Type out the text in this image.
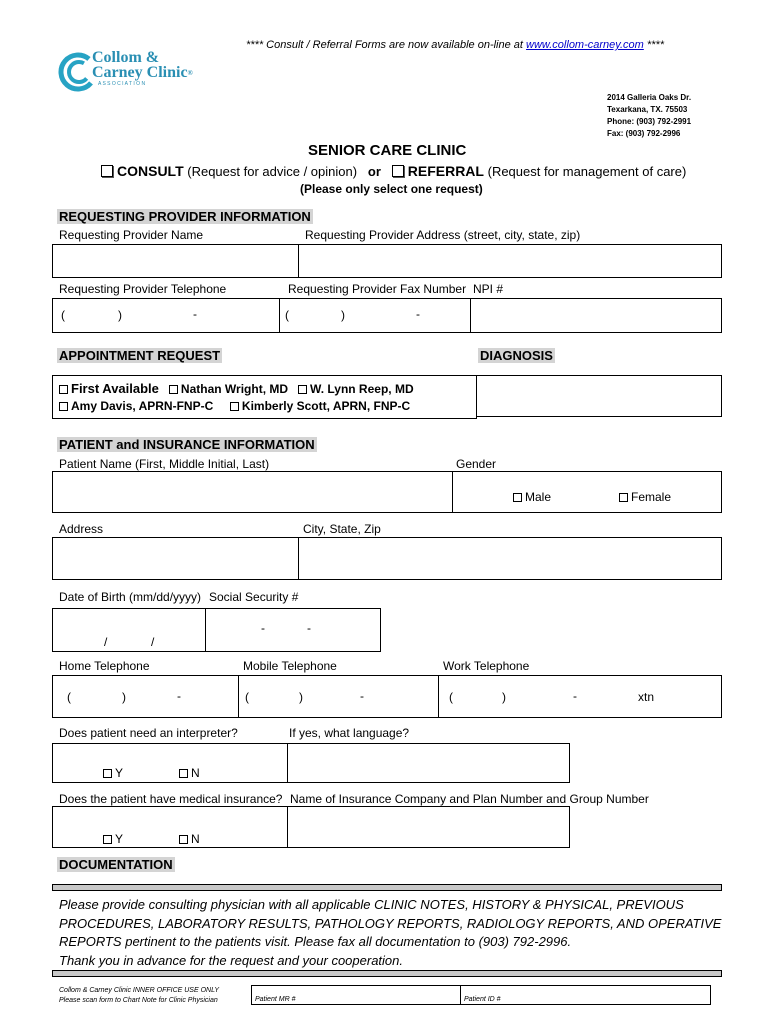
**** Consult / Referral Forms are now available on-line at www.collom-carney.com ****
Collom &
Carney Clinic®
A S S O C I A T I O N
2014 Galleria Oaks Dr.
Texarkana, TX. 75503
Phone: (903) 792-2991
Fax: (903) 792-2996
SENIOR CARE CLINIC
CONSULT (Request for advice / opinion) or REFERRAL (Request for management of care)
(Please only select one request)
REQUESTING PROVIDER INFORMATION
Requesting Provider Name	Requesting Provider Address (street, city, state, zip)
Requesting Provider Telephone	Requesting Provider Fax Number NPI #
(	)	-	(	)	-
APPOINTMENT REQUEST	DIAGNOSIS
First Available Nathan Wright, MD W. Lynn Reep, MD
Amy Davis, APRN-FNP-C Kimberly Scott, APRN, FNP-C
PATIENT and INSURANCE INFORMATION
Patient Name (First, Middle Initial, Last)	Gender
Male	Female
Address	City, State, Zip
Date of Birth (mm/dd/yyyy) Social Security #
/	/
-	-
Home Telephone	Mobile Telephone	Work Telephone
(	)	-	(	)	-	(	)	-	xtn
Does patient need an interpreter?	If yes, what language?
Y	N
Does the patient have medical insurance? Name of Insurance Company and Plan Number and Group Number
Y	N
DOCUMENTATION
Please provide consulting physician with all applicable CLINIC NOTES, HISTORY & PHYSICAL, PREVIOUS
PROCEDURES, LABORATORY RESULTS, PATHOLOGY REPORTS, RADIOLOGY REPORTS, AND OPERATIVE
REPORTS pertinent to the patients visit. Please fax all documentation to (903) 792-2996.
Thank you in advance for the request and your cooperation.
Collom & Carney Clinic INNER OFFICE USE ONLY
Please scan form to Chart Note for Clinic Physician	Patient MR #	Patient ID #
